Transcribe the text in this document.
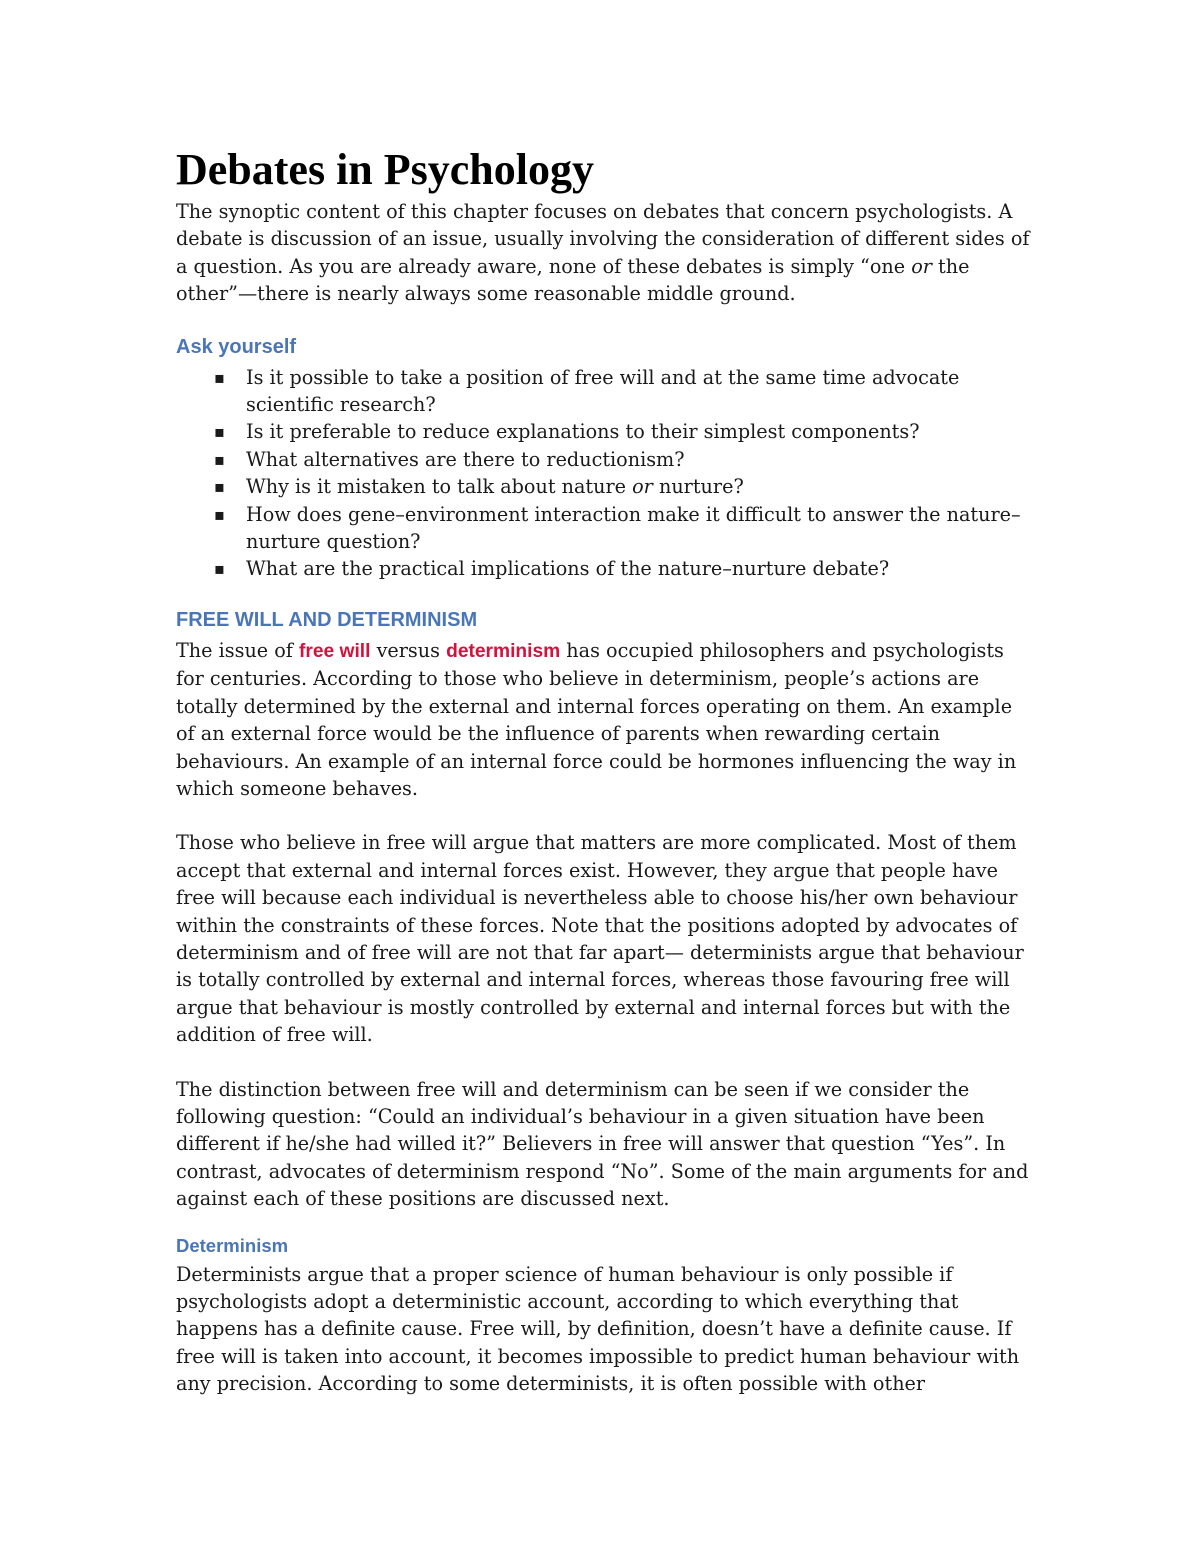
Debates in Psychology

The synoptic content of this chapter focuses on debates that concern psychologists. A debate is discussion of an issue, usually involving the consideration of different sides of a question. As you are already aware, none of these debates is simply “one or the other”—there is nearly always some reasonable middle ground.

Ask yourself
▪ Is it possible to take a position of free will and at the same time advocate scientific research?
▪ Is it preferable to reduce explanations to their simplest components?
▪ What alternatives are there to reductionism?
▪ Why is it mistaken to talk about nature or nurture?
▪ How does gene–environment interaction make it difficult to answer the nature–nurture question?
▪ What are the practical implications of the nature–nurture debate?
FREE WILL AND DETERMINISM

The issue of free will versus determinism has occupied philosophers and psychologists for centuries. According to those who believe in determinism, people’s actions are totally determined by the external and internal forces operating on them. An example of an external force would be the influence of parents when rewarding certain behaviours. An example of an internal force could be hormones influencing the way in which someone behaves.

Those who believe in free will argue that matters are more complicated. Most of them accept that external and internal forces exist. However, they argue that people have free will because each individual is nevertheless able to choose his/her own behaviour within the constraints of these forces. Note that the positions adopted by advocates of determinism and of free will are not that far apart— determinists argue that behaviour is totally controlled by external and internal forces, whereas those favouring free will argue that behaviour is mostly controlled by external and internal forces but with the addition of free will.

The distinction between free will and determinism can be seen if we consider the following question: “Could an individual’s behaviour in a given situation have been different if he/she had willed it?” Believers in free will answer that question “Yes”. In contrast, advocates of determinism respond “No”. Some of the main arguments for and against each of these positions are discussed next.

Determinism

Determinists argue that a proper science of human behaviour is only possible if psychologists adopt a deterministic account, according to which everything that happens has a definite cause. Free will, by definition, doesn’t have a definite cause. If free will is taken into account, it becomes impossible to predict human behaviour with any precision. According to some determinists, it is often possible with other
